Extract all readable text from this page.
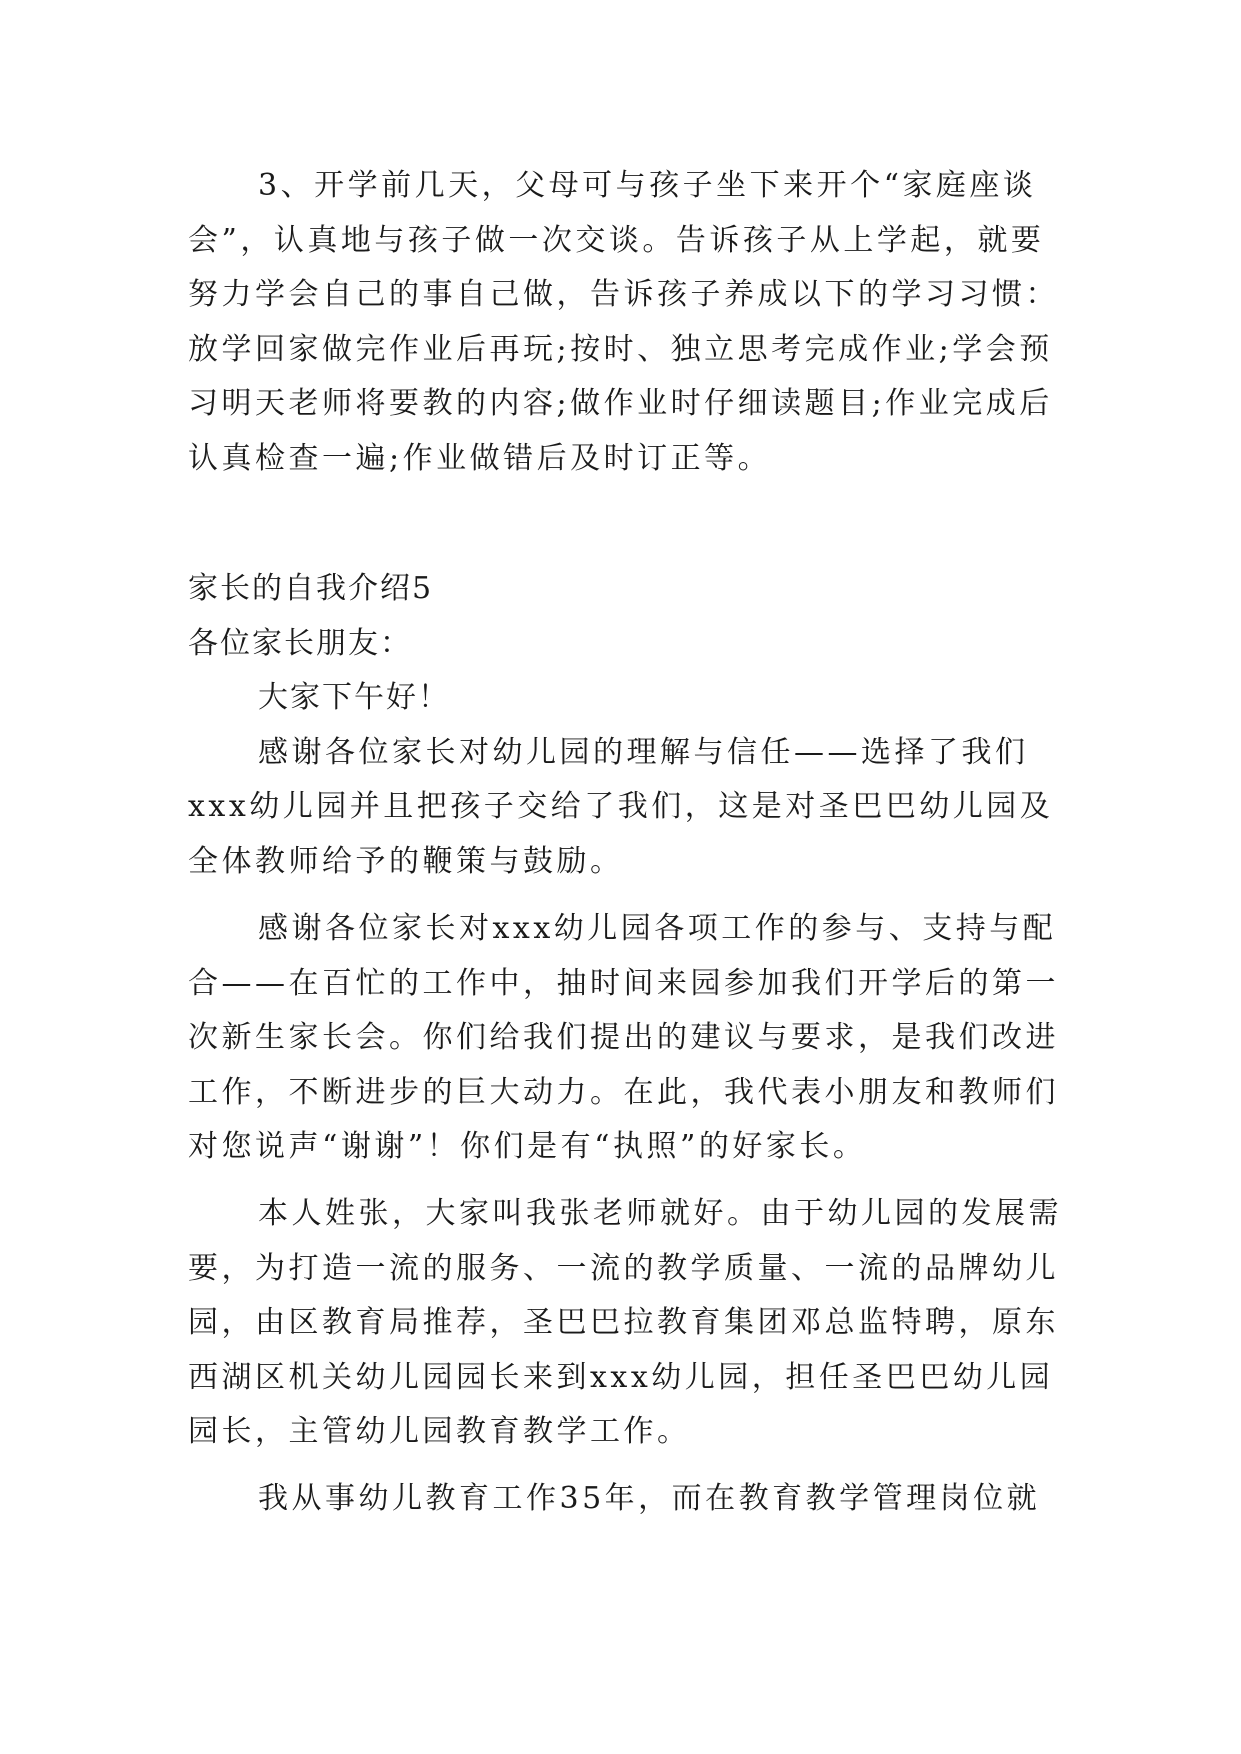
3、开学前几天，父母可与孩子坐下来开个“家庭座谈
会”，认真地与孩子做一次交谈。告诉孩子从上学起，就要
努力学会自己的事自己做，告诉孩子养成以下的学习习惯：
放学回家做完作业后再玩;按时、独立思考完成作业;学会预
习明天老师将要教的内容;做作业时仔细读题目;作业完成后
认真检查一遍;作业做错后及时订正等。
家长的自我介绍5
各位家长朋友：
大家下午好！
感谢各位家长对幼儿园的理解与信任——选择了我们
xxx幼儿园并且把孩子交给了我们，这是对圣巴巴幼儿园及
全体教师给予的鞭策与鼓励。
感谢各位家长对xxx幼儿园各项工作的参与、支持与配
合——在百忙的工作中，抽时间来园参加我们开学后的第一
次新生家长会。你们给我们提出的建议与要求，是我们改进
工作，不断进步的巨大动力。在此，我代表小朋友和教师们
对您说声“谢谢”！你们是有“执照”的好家长。
本人姓张，大家叫我张老师就好。由于幼儿园的发展需
要，为打造一流的服务、一流的教学质量、一流的品牌幼儿
园，由区教育局推荐，圣巴巴拉教育集团邓总监特聘，原东
西湖区机关幼儿园园长来到xxx幼儿园，担任圣巴巴幼儿园
园长，主管幼儿园教育教学工作。
我从事幼儿教育工作35年，而在教育教学管理岗位就
